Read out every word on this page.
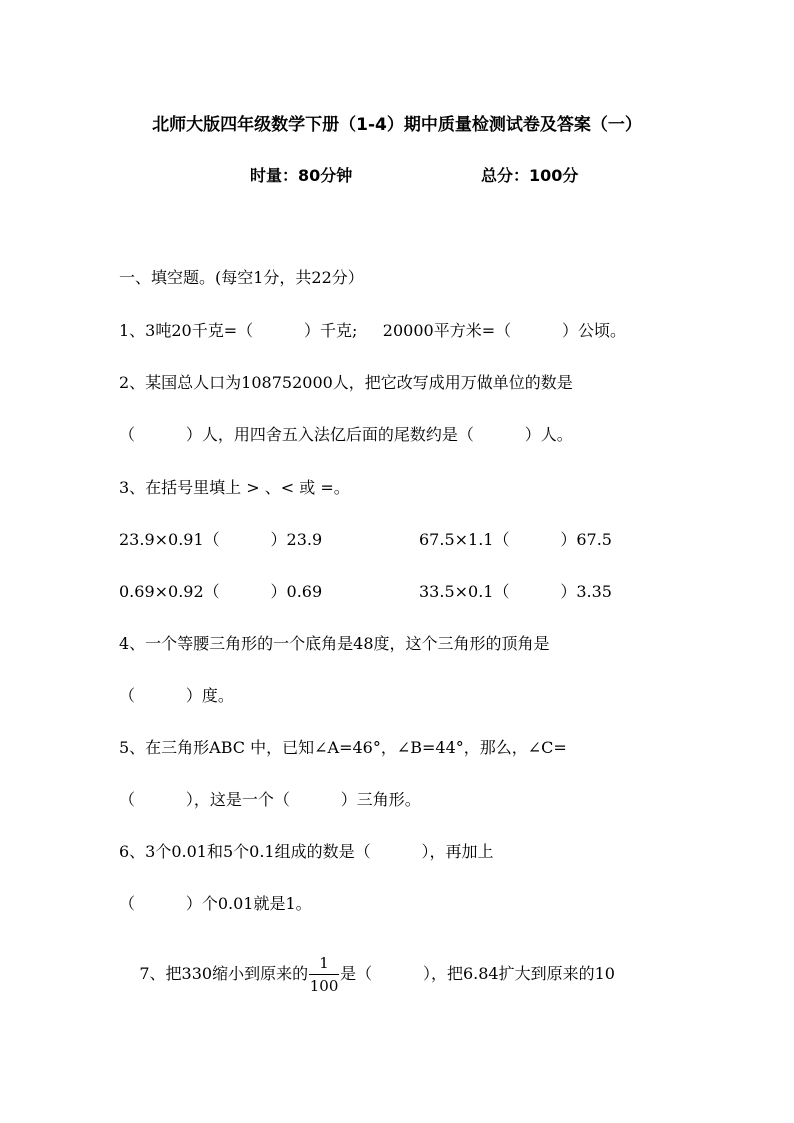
北师大版四年级数学下册（1-4）期中质量检测试卷及答案（一）
时量：80分钟	总分：100分
一、填空题。(每空1分，共22分）
1、3吨20千克=（          ）千克;     20000平方米=（          ）公顷。
2、某国总人口为108752000人，把它改写成用万做单位的数是
（          ）人，用四舍五入法亿后面的尾数约是（          ）人。
3、在括号里填上 > 、< 或 =。
23.9×0.91（          ）23.9	67.5×1.1（          ）67.5
0.69×0.92（          ）0.69	33.5×0.1（          ）3.35
4、一个等腰三角形的一个底角是48度，这个三角形的顶角是
（          ）度。
5、在三角形ABC 中，已知∠A=46°，∠B=44°，那么，∠C=
（          ），这是一个（          ）三角形。
6、3个0.01和5个0.1组成的数是（          ），再加上
（          ）个0.01就是1。

7、把330缩小到原来的 $\frac{1}{100}$ 是（          ），把6.84扩大到原来的10
